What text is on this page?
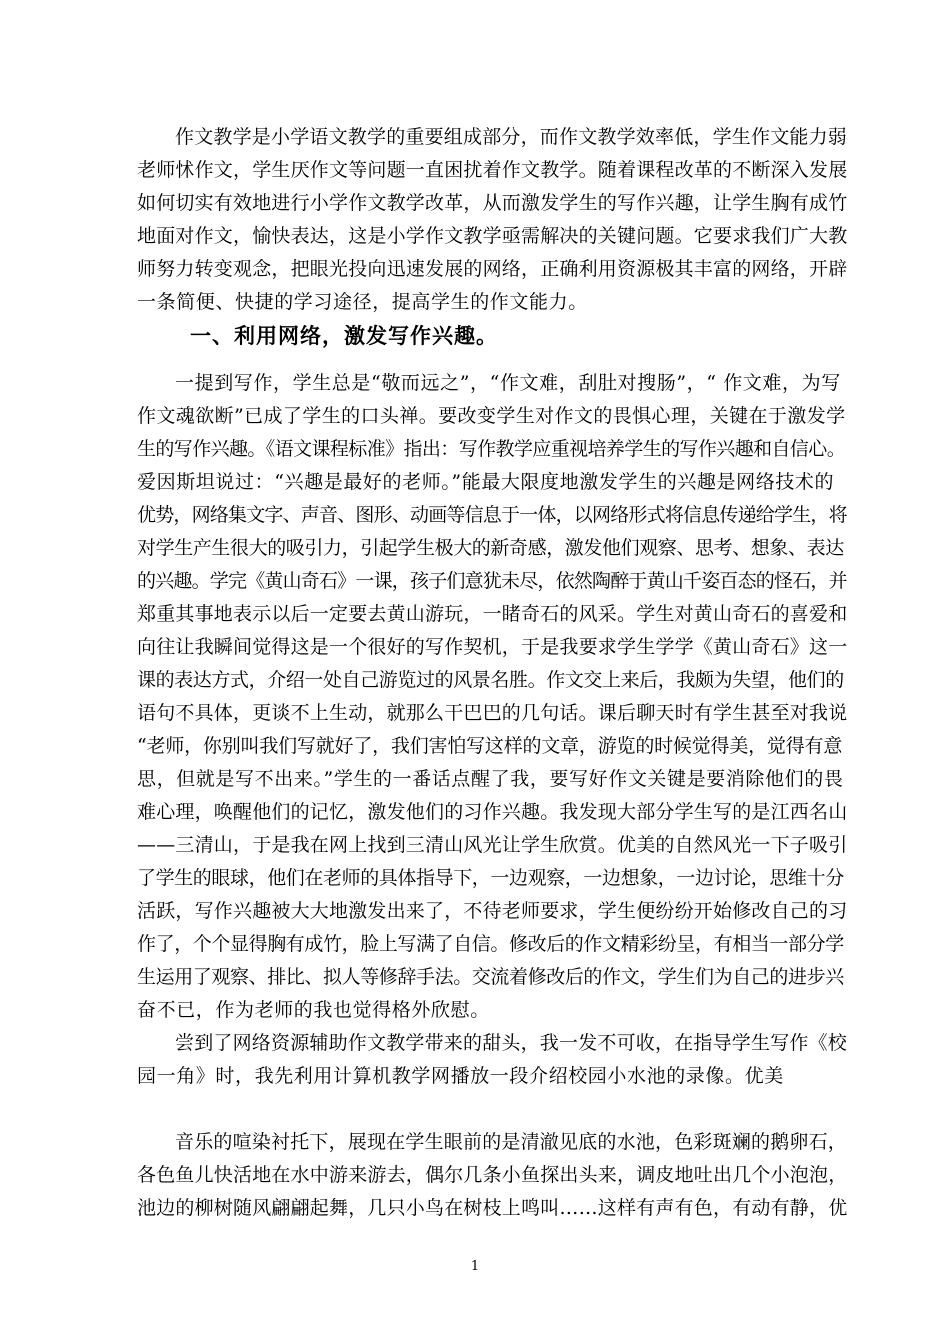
作文教学是小学语文教学的重要组成部分，而作文教学效率低，学生作文能力弱
老师怵作文，学生厌作文等问题一直困扰着作文教学。随着课程改革的不断深入发展
如何切实有效地进行小学作文教学改革，从而激发学生的写作兴趣，让学生胸有成竹
地面对作文，愉快表达，这是小学作文教学亟需解决的关键问题。它要求我们广大教
师努力转变观念，把眼光投向迅速发展的网络，正确利用资源极其丰富的网络，开辟
一条简便、快捷的学习途径，提高学生的作文能力。
一、利用网络，激发写作兴趣。
一提到写作，学生总是“敬而远之”，“作文难，刮肚对搜肠”，“ 作文难，为写
作文魂欲断”已成了学生的口头禅。要改变学生对作文的畏惧心理，关键在于激发学
生的写作兴趣。《语文课程标准》指出：写作教学应重视培养学生的写作兴趣和自信心。
爱因斯坦说过：“兴趣是最好的老师。”能最大限度地激发学生的兴趣是网络技术的
优势，网络集文字、声音、图形、动画等信息于一体，以网络形式将信息传递给学生，将
对学生产生很大的吸引力，引起学生极大的新奇感，激发他们观察、思考、想象、表达
的兴趣。学完《黄山奇石》一课，孩子们意犹未尽，依然陶醉于黄山千姿百态的怪石，并
郑重其事地表示以后一定要去黄山游玩，一睹奇石的风采。学生对黄山奇石的喜爱和
向往让我瞬间觉得这是一个很好的写作契机，于是我要求学生学学《黄山奇石》这一
课的表达方式，介绍一处自己游览过的风景名胜。作文交上来后，我颇为失望，他们的
语句不具体，更谈不上生动，就那么干巴巴的几句话。课后聊天时有学生甚至对我说
“老师，你别叫我们写就好了，我们害怕写这样的文章，游览的时候觉得美，觉得有意
思，但就是写不出来。”学生的一番话点醒了我，要写好作文关键是要消除他们的畏
难心理，唤醒他们的记忆，激发他们的习作兴趣。我发现大部分学生写的是江西名山
——三清山，于是我在网上找到三清山风光让学生欣赏。优美的自然风光一下子吸引
了学生的眼球，他们在老师的具体指导下，一边观察，一边想象，一边讨论，思维十分
活跃，写作兴趣被大大地激发出来了，不待老师要求，学生便纷纷开始修改自己的习
作了，个个显得胸有成竹，脸上写满了自信。修改后的作文精彩纷呈，有相当一部分学
生运用了观察、排比、拟人等修辞手法。交流着修改后的作文，学生们为自己的进步兴
奋不已，作为老师的我也觉得格外欣慰。
尝到了网络资源辅助作文教学带来的甜头，我一发不可收，在指导学生写作《校
园一角》时，我先利用计算机教学网播放一段介绍校园小水池的录像。优美
音乐的喧染衬托下，展现在学生眼前的是清澈见底的水池，色彩斑斓的鹅卵石，
各色鱼儿快活地在水中游来游去，偶尔几条小鱼探出头来，调皮地吐出几个小泡泡，
池边的柳树随风翩翩起舞，几只小鸟在树枝上鸣叫……这样有声有色，有动有静，优
1
